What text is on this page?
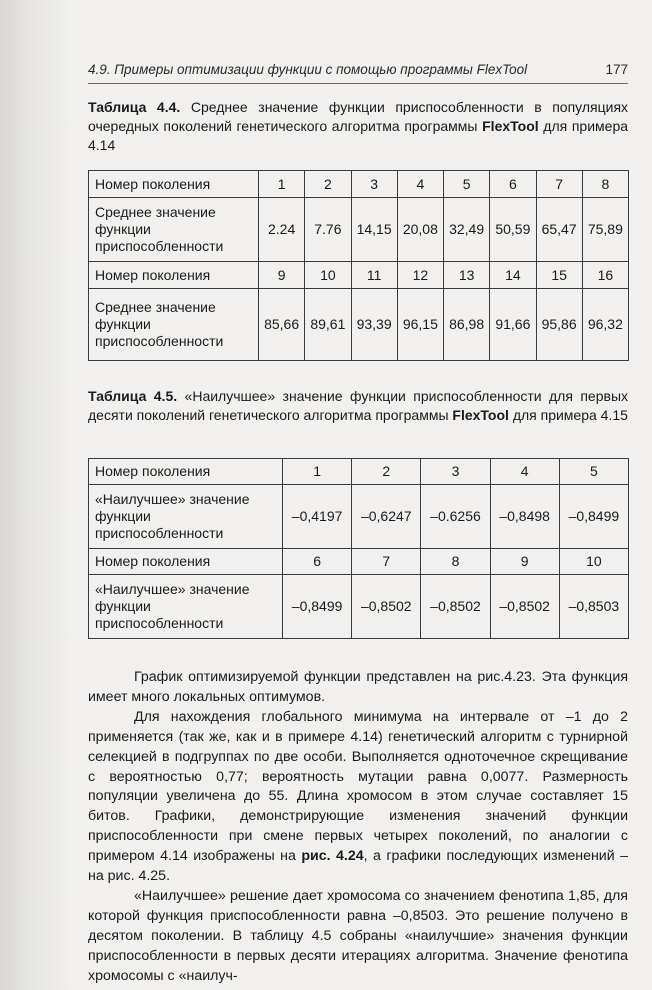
4.9. Примеры оптимизации функции с помощью программы FlexTool	177
Таблица 4.4. Среднее значение функции приспособленности в популяциях очередных поколений генетического алгоритма программы FlexTool для примера 4.14
Номер поколения	1	2	3	4	5	6	7	8
Среднее значение функции приспособленности	2.24	7.76	14,15	20,08	32,49	50,59	65,47	75,89
Номер поколения	9	10	11	12	13	14	15	16
Среднее значение функции приспособленности	85,66	89,61	93,39	96,15	86,98	91,66	95,86	96,32
Таблица 4.5. «Наилучшее» значение функции приспособленности для первых десяти поколений генетического алгоритма программы FlexTool для примера 4.15
Номер поколения	1	2	3	4	5
«Наилучшее» значение функции приспособленности	–0,4197	–0,6247	–0.6256	–0,8498	–0,8499
Номер поколения	6	7	8	9	10
«Наилучшее» значение функции приспособленности	–0,8499	–0,8502	–0,8502	–0,8502	–0,8503

График оптимизируемой функции представлен на рис.4.23. Эта функция имеет много локальных оптимумов.

Для нахождения глобального минимума на интервале от –1 до 2 применяется (так же, как и в примере 4.14) генетический алгоритм с турнирной селекцией в подгруппах по две особи. Выполняется одноточечное скрещивание с вероятностью 0,77; вероятность мутации равна 0,0077. Размерность популяции увеличена до 55. Длина хромосом в этом случае составляет 15 битов. Графики, демонстрирующие изменения значений функции приспособленности при смене первых четырех поколений, по аналогии с примером 4.14 изображены на рис. 4.24, а графики последующих изменений – на рис. 4.25.

«Наилучшее» решение дает хромосома со значением фенотипа 1,85, для которой функция приспособленности равна –0,8503. Это решение получено в десятом поколении. В таблицу 4.5 собраны «наилучшие» значения функции приспособленности в первых десяти итерациях алгоритма. Значение фенотипа хромосомы с «наилуч-
